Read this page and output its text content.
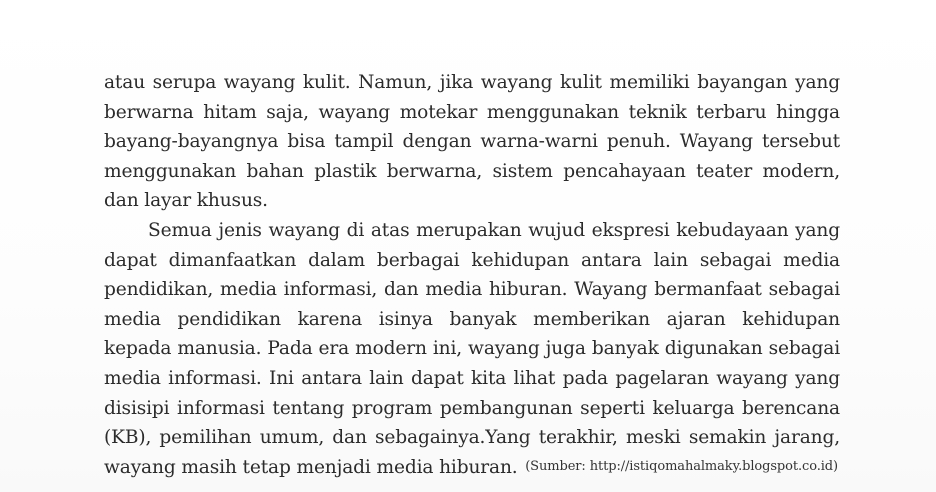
atau serupa wayang kulit. Namun, jika wayang kulit memiliki bayangan yang
berwarna hitam saja, wayang motekar menggunakan teknik terbaru hingga
bayang-bayangnya bisa tampil dengan warna-warni penuh. Wayang tersebut
menggunakan bahan plastik berwarna, sistem pencahayaan teater modern,
dan layar khusus.
Semua jenis wayang di atas merupakan wujud ekspresi kebudayaan yang
dapat dimanfaatkan dalam berbagai kehidupan antara lain sebagai media
pendidikan, media informasi, dan media hiburan. Wayang bermanfaat sebagai
media pendidikan karena isinya banyak memberikan ajaran kehidupan
kepada manusia. Pada era modern ini, wayang juga banyak digunakan sebagai
media informasi. Ini antara lain dapat kita lihat pada pagelaran wayang yang
disisipi informasi tentang program pembangunan seperti keluarga berencana
(KB), pemilihan umum, dan sebagainya.Yang terakhir, meski semakin jarang,
wayang masih tetap menjadi media hiburan. (Sumber: http://istiqomahalmaky.blogspot.co.id)
